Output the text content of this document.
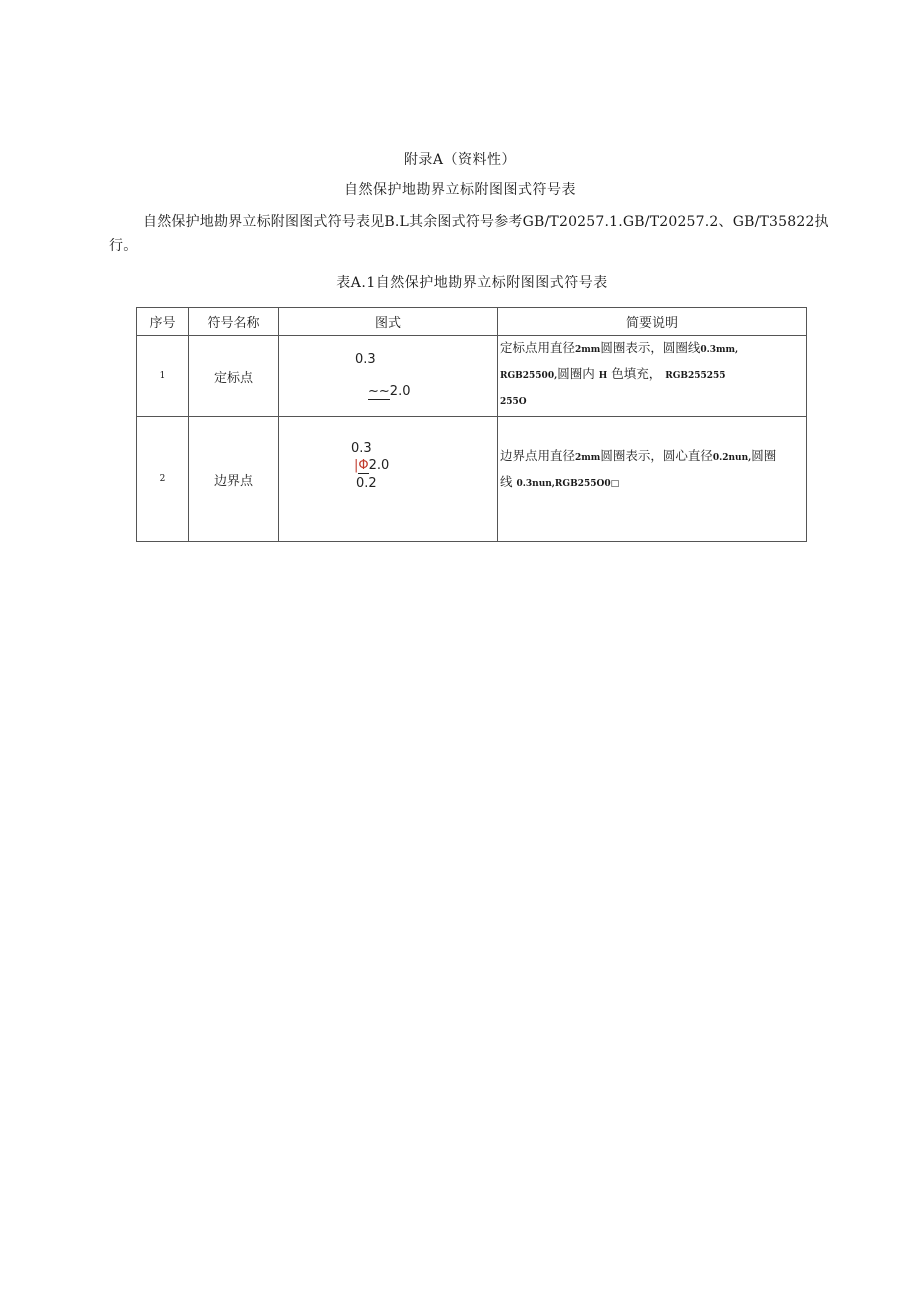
附录A（资料性）
自然保护地勘界立标附图图式符号表
自然保护地勘界立标附图图式符号表见B.L其余图式符号参考GB/T20257.1.GB/T20257.2、GB/T35822执行。
表A.1自然保护地勘界立标附图图式符号表
序号	符号名称	图式	简要说明
1	定标点	0.3
~~2.0	定标点用直径2mm圆圈表示，圆圈线0.3mm,
RGB25500,圆圈内 H 色填充， RGB255255
255O
2	边界点	0.3
|Φ2.0
0.2	边界点用直径2mm圆圈表示，圆心直径0.2nun,圆圈
线 0.3nun,RGB255O0□
